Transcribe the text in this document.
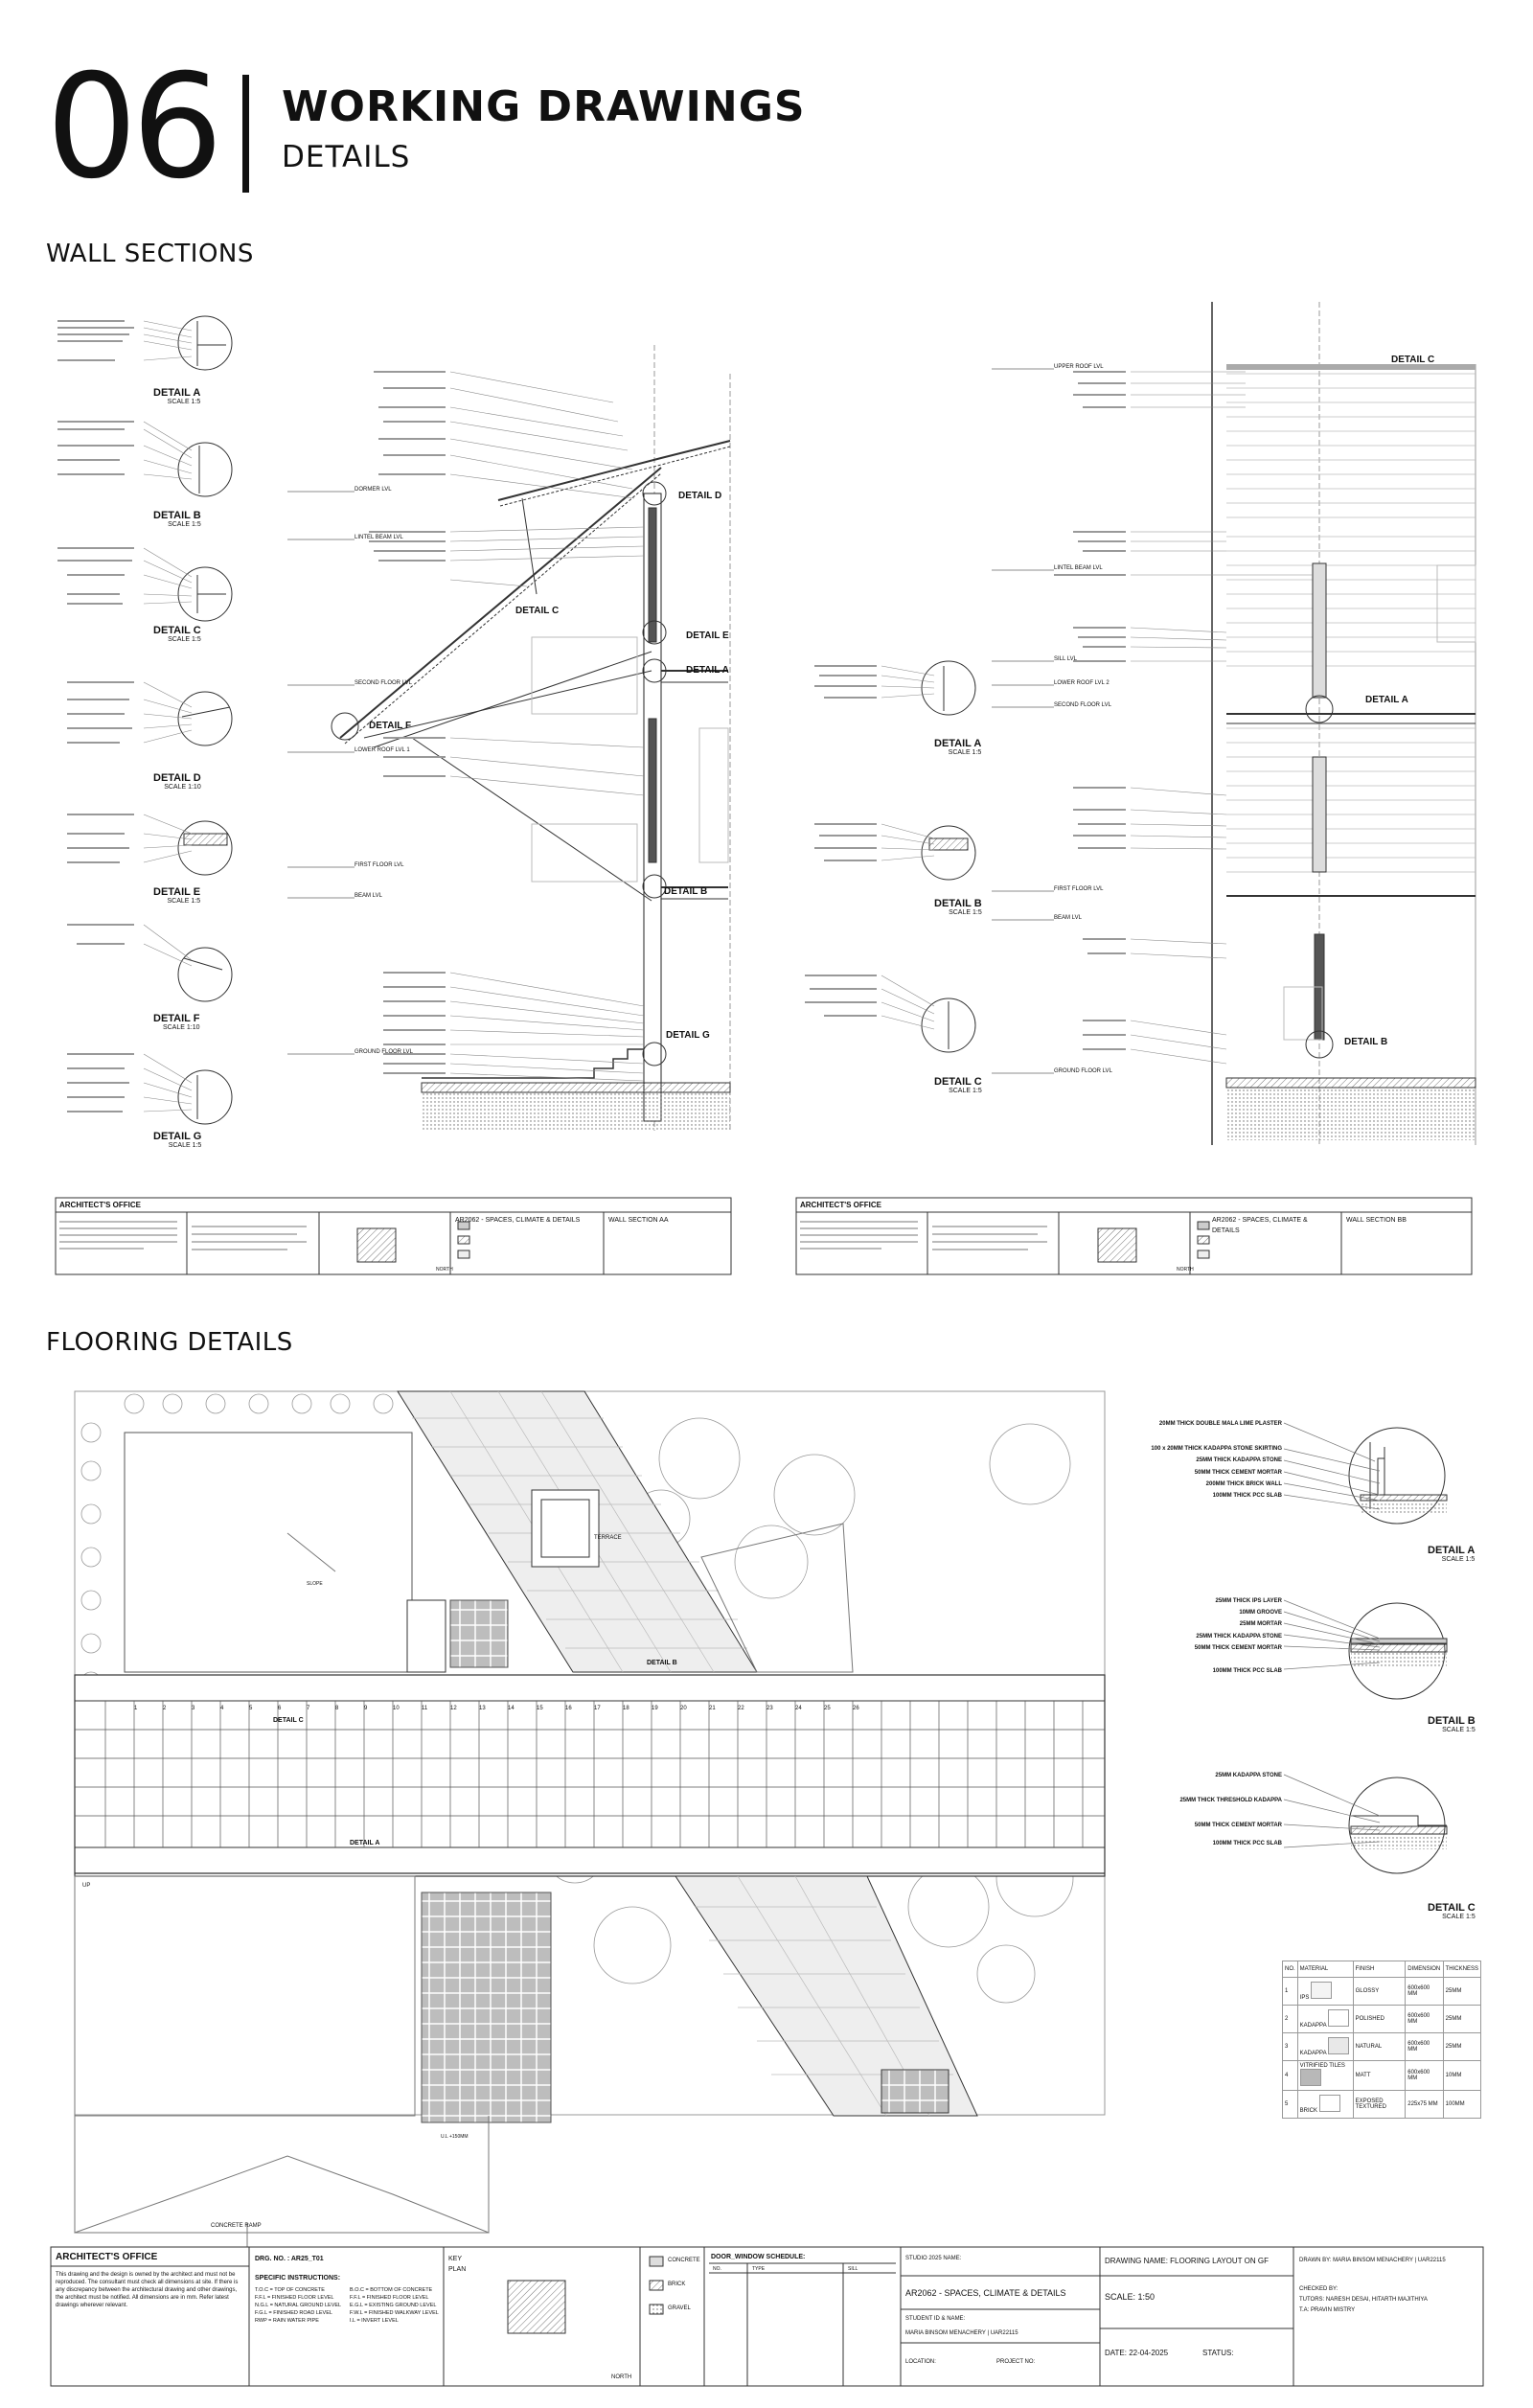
06 WORKING DRAWINGS
DETAILS
WALL SECTIONS
FLOORING DETAILS
DETAIL A
SCALE 1:5
DETAIL B
SCALE 1:5
DETAIL C
SCALE 1:5
DETAIL D
SCALE 1:10
DETAIL E
SCALE 1:5
DETAIL F
SCALE 1:10
DETAIL G
SCALE 1:5
DETAIL D
DETAIL C
DETAIL E
DETAIL A
DETAIL F
DETAIL B
DETAIL G
DETAIL A
SCALE 1:5
DETAIL B
SCALE 1:5
DETAIL C
SCALE 1:5
DETAIL C
DETAIL A
DETAIL B
DORMER LVL
LINTEL BEAM LVL
SECOND FLOOR LVL
LOWER ROOF LVL 1
FIRST FLOOR LVL
BEAM LVL
GROUND FLOOR LVL
UPPER ROOF LVL
LINTEL BEAM LVL
SILL LVL
LOWER ROOF LVL 2
SECOND FLOOR LVL
FIRST FLOOR LVL
BEAM LVL
GROUND FLOOR LVL
ARCHITECT'S OFFICE
AR2062 - SPACES, CLIMATE & DETAILS	WALL SECTION AA
NORTH
ARCHITECT'S OFFICE
AR2062 - SPACES, CLIMATE & DETAILS
WALL SECTION BB
NORTH
TERRACE
DETAIL B
DETAIL C
DETAIL A
SLOPE
CONCRETE RAMP
UP
U.L +150MM
1	2	3	4	5	6	7	8	9	10	11	12	13	14	15	16	17	18	19	20	21	22	23	24	25	26
20MM THICK DOUBLE MALA LIME PLASTER
100 x 20MM THICK KADAPPA STONE SKIRTING
25MM THICK KADAPPA STONE
50MM THICK CEMENT MORTAR
200MM THICK BRICK WALL
100MM THICK PCC SLAB
DETAIL A
SCALE 1:5
25MM THICK IPS LAYER
10MM GROOVE
25MM MORTAR
25MM THICK KADAPPA STONE
50MM THICK CEMENT MORTAR
100MM THICK PCC SLAB
DETAIL B
SCALE 1:5
25MM KADAPPA STONE
25MM THICK THRESHOLD KADAPPA
50MM THICK CEMENT MORTAR
100MM THICK PCC SLAB
DETAIL C
SCALE 1:5
NO.	MATERIAL	FINISH	DIMENSION	THICKNESS
1	IPS	GLOSSY	600x600 MM	25MM
2	KADAPPA	POLISHED	600x600 MM	25MM
3	KADAPPA	NATURAL	600x600 MM	25MM
4	VITRIFIED TILES	MATT	600x600 MM	10MM
5	BRICK	EXPOSED TEXTURED	225x75 MM	100MM
ARCHITECT'S OFFICE
This drawing and the design is owned by the architect and must not be reproduced. The consultant must check all dimensions at site. If there is any discrepancy between the architectural drawing and other drawings, the architect must be notified. All dimensions are in mm. Refer latest drawings wherever relevant.
DRG. NO. : AR25_T01
SPECIFIC INSTRUCTIONS:
T.O.C = TOP OF CONCRETE
F.F.L = FINISHED FLOOR LEVEL
N.G.L = NATURAL GROUND LEVEL
F.G.L = FINISHED ROAD LEVEL
RWP = RAIN WATER PIPE
B.O.C = BOTTOM OF CONCRETE
F.F.L = FINISHED FLOOR LEVEL
E.G.L = EXISTING GROUND LEVEL
F.W.L = FINISHED WALKWAY LEVEL
I.L = INVERT LEVEL
KEY PLAN
NORTH
CONCRETE
BRICK
GRAVEL
DOOR_WINDOW SCHEDULE:
NO.	TYPE	SILL
STUDIO 2025 NAME:
AR2062 - SPACES, CLIMATE & DETAILS
STUDENT ID & NAME:
MARIA BINSOM MENACHERY | UAR22115
LOCATION:	PROJECT NO:
DRAWING NAME: FLOORING LAYOUT ON GF
SCALE: 1:50
DATE: 22-04-2025	STATUS:
DRAWN BY: MARIA BINSOM MENACHERY | UAR22115
CHECKED BY:
TUTORS: NARESH DESAI, HITARTH MAJITHIYA
T.A: PRAVIN MISTRY
